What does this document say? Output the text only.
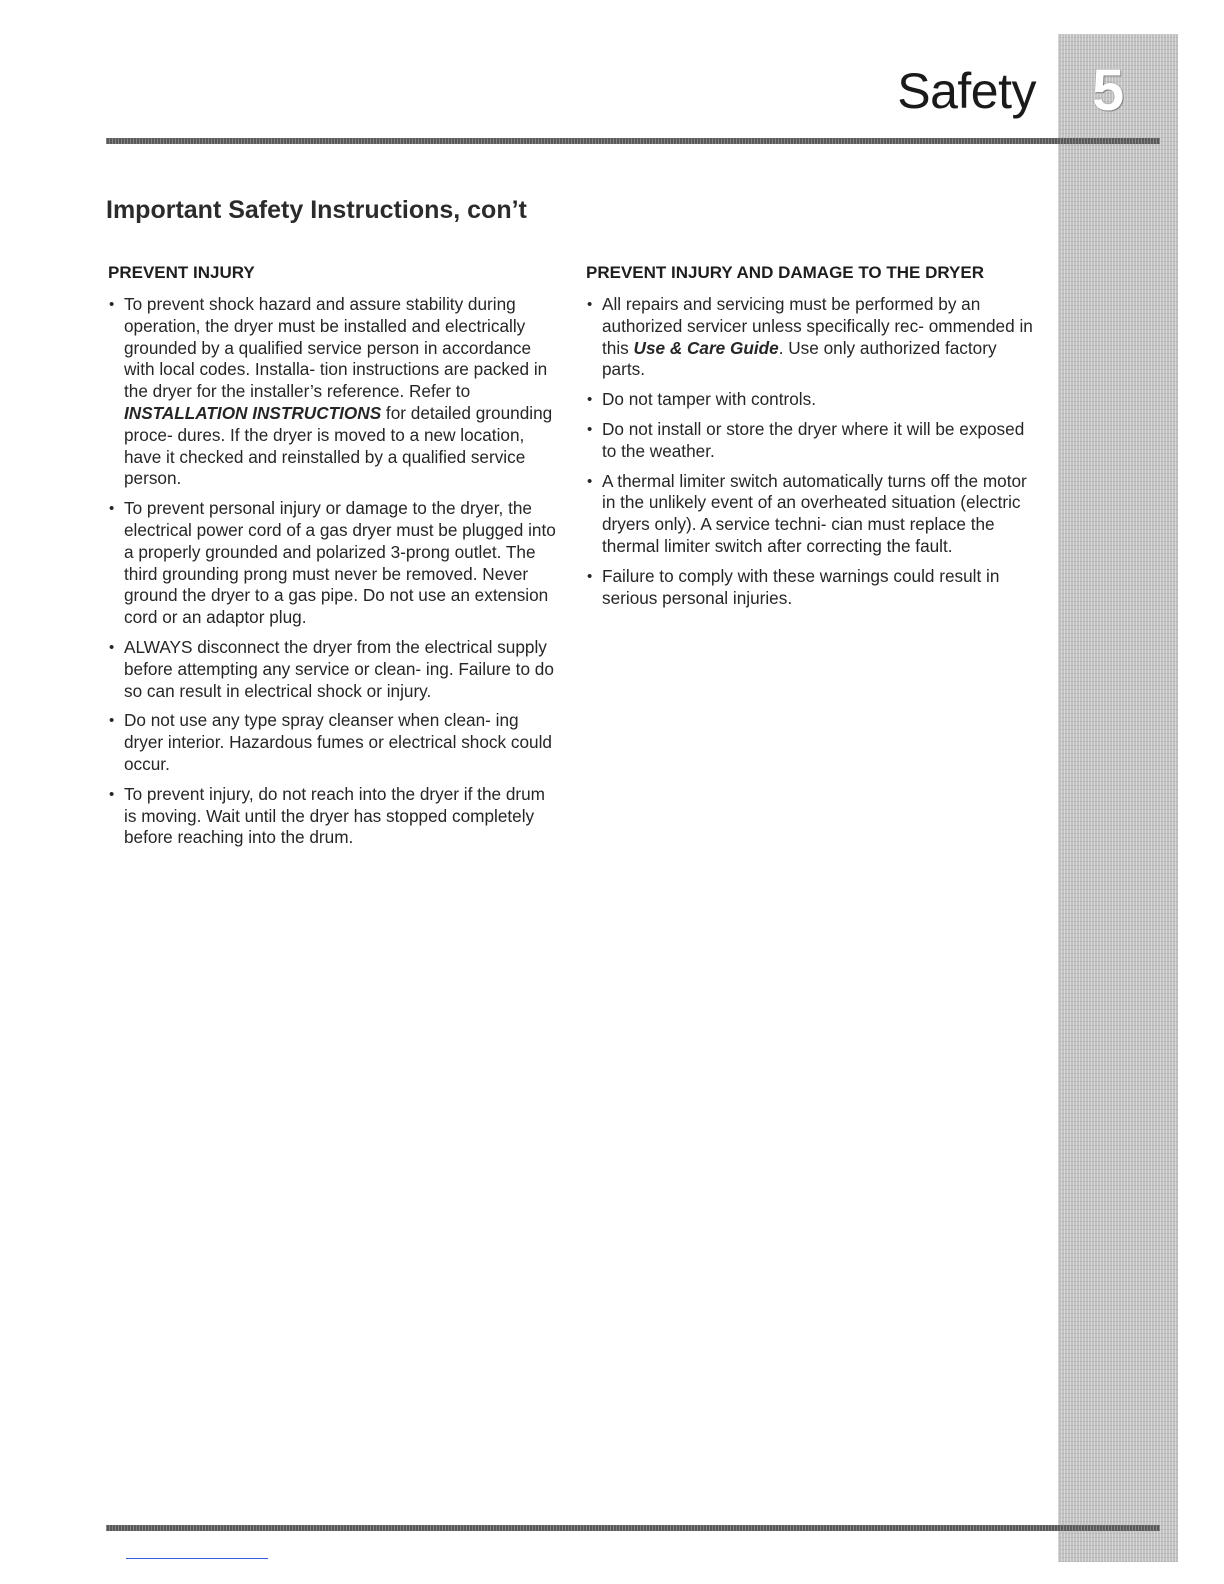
5
Safety
Important Safety Instructions, con’t
PREVENT INJURY
• To prevent shock hazard and assure stability during operation, the dryer must be installed and electrically grounded by a qualified service person in accordance with local codes. Installa- tion instructions are packed in the dryer for the installer’s reference. Refer to INSTALLATION INSTRUCTIONS for detailed grounding proce- dures. If the dryer is moved to a new location, have it checked and reinstalled by a qualified service person.
• To prevent personal injury or damage to the dryer, the electrical power cord of a gas dryer must be plugged into a properly grounded and polarized 3-prong outlet. The third grounding prong must never be removed. Never ground the dryer to a gas pipe. Do not use an extension cord or an adaptor plug.
• ALWAYS disconnect the dryer from the electrical supply before attempting any service or clean- ing. Failure to do so can result in electrical shock or injury.
• Do not use any type spray cleanser when clean- ing dryer interior. Hazardous fumes or electrical shock could occur.
• To prevent injury, do not reach into the dryer if the drum is moving. Wait until the dryer has stopped completely before reaching into the drum.
PREVENT INJURY AND DAMAGE TO THE DRYER
• All repairs and servicing must be performed by an authorized servicer unless specifically rec- ommended in this Use & Care Guide. Use only authorized factory parts.
• Do not tamper with controls.
• Do not install or store the dryer where it will be exposed to the weather.
• A thermal limiter switch automatically turns off the motor in the unlikely event of an overheated situation (electric dryers only). A service techni- cian must replace the thermal limiter switch after correcting the fault.
• Failure to comply with these warnings could result in serious personal injuries.
